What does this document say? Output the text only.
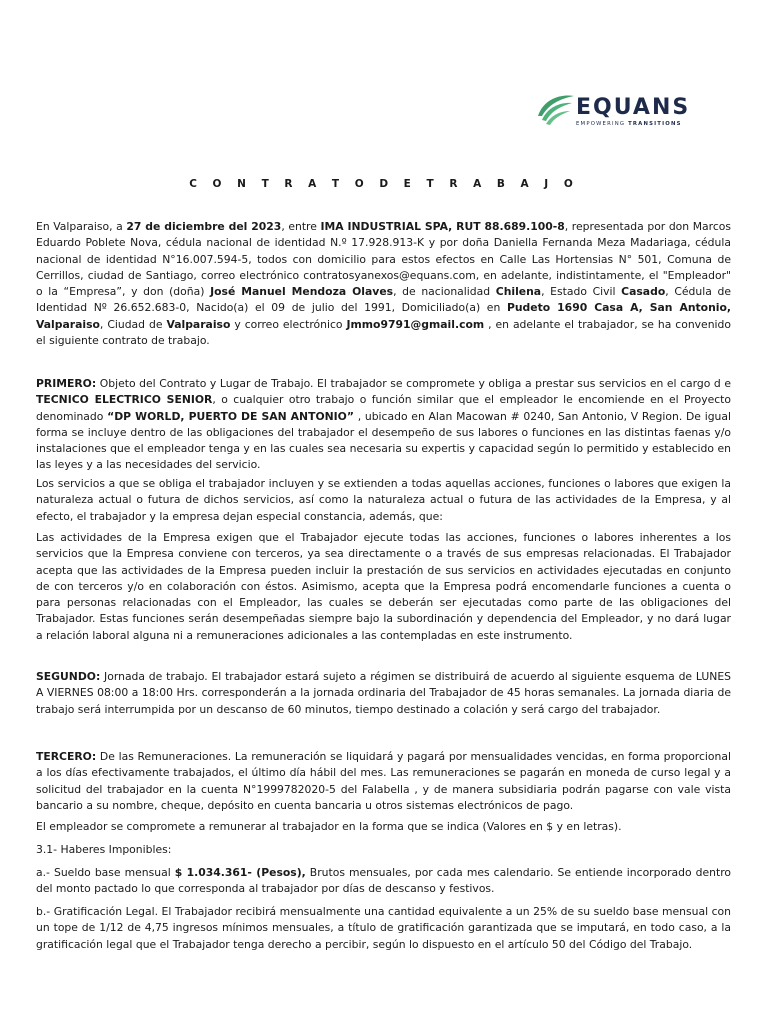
EQUANS
EMPOWERING TRANSITIONS
C O N T R A T O D E T R A B A J O

En Valparaiso, a 27 de diciembre del 2023, entre IMA INDUSTRIAL SPA, RUT 88.689.100-8, representada por don Marcos Eduardo Poblete Nova, cédula nacional de identidad N.º 17.928.913-K y por doña Daniella Fernanda Meza Madariaga, cédula nacional de identidad N°16.007.594-5, todos con domicilio para estos efectos en Calle Las Hortensias N° 501, Comuna de Cerrillos, ciudad de Santiago, correo electrónico contratosyanexos@equans.com, en adelante, indistintamente, el "Empleador" o la “Empresa”, y don (doña) José Manuel Mendoza Olaves, de nacionalidad Chilena, Estado Civil Casado, Cédula de Identidad Nº 26.652.683-0, Nacido(a) el 09 de julio del 1991, Domiciliado(a) en Pudeto 1690 Casa A, San Antonio, Valparaiso, Ciudad de Valparaiso y correo electrónico Jmmo9791@gmail.com , en adelante el trabajador, se ha convenido el siguiente contrato de trabajo.

PRIMERO: Objeto del Contrato y Lugar de Trabajo. El trabajador se compromete y obliga a prestar sus servicios en el cargo d e TECNICO ELECTRICO SENIOR, o cualquier otro trabajo o función similar que el empleador le encomiende en el Proyecto denominado “DP WORLD, PUERTO DE SAN ANTONIO” , ubicado en Alan Macowan # 0240, San Antonio, V Region. De igual forma se incluye dentro de las obligaciones del trabajador el desempeño de sus labores o funciones en las distintas faenas y/o instalaciones que el empleador tenga y en las cuales sea necesaria su expertis y capacidad según lo permitido y establecido en las leyes y a las necesidades del servicio.

Los servicios a que se obliga el trabajador incluyen y se extienden a todas aquellas acciones, funciones o labores que exigen la naturaleza actual o futura de dichos servicios, así como la naturaleza actual o futura de las actividades de la Empresa, y al efecto, el trabajador y la empresa dejan especial constancia, además, que:

Las actividades de la Empresa exigen que el Trabajador ejecute todas las acciones, funciones o labores inherentes a los servicios que la Empresa conviene con terceros, ya sea directamente o a través de sus empresas relacionadas. El Trabajador acepta que las actividades de la Empresa pueden incluir la prestación de sus servicios en actividades ejecutadas en conjunto de con terceros y/o en colaboración con éstos. Asimismo, acepta que la Empresa podrá encomendarle funciones a cuenta o para personas relacionadas con el Empleador, las cuales se deberán ser ejecutadas como parte de las obligaciones del Trabajador. Estas funciones serán desempeñadas siempre bajo la subordinación y dependencia del Empleador, y no dará lugar a relación laboral alguna ni a remuneraciones adicionales a las contempladas en este instrumento.

SEGUNDO: Jornada de trabajo. El trabajador estará sujeto a régimen se distribuirá de acuerdo al siguiente esquema de LUNES A VIERNES 08:00 a 18:00 Hrs. corresponderán a la jornada ordinaria del Trabajador de 45 horas semanales. La jornada diaria de trabajo será interrumpida por un descanso de 60 minutos, tiempo destinado a colación y será cargo del trabajador.

TERCERO: De las Remuneraciones. La remuneración se liquidará y pagará por mensualidades vencidas, en forma proporcional a los días efectivamente trabajados, el último día hábil del mes. Las remuneraciones se pagarán en moneda de curso legal y a solicitud del trabajador en la cuenta N°1999782020-5 del Falabella , y de manera subsidiaria podrán pagarse con vale vista bancario a su nombre, cheque, depósito en cuenta bancaria u otros sistemas electrónicos de pago.

El empleador se compromete a remunerar al trabajador en la forma que se indica (Valores en $ y en letras).

3.1- Haberes Imponibles:

a.- Sueldo base mensual $ 1.034.361- (Pesos), Brutos mensuales, por cada mes calendario. Se entiende incorporado dentro del monto pactado lo que corresponda al trabajador por días de descanso y festivos.

b.- Gratificación Legal. El Trabajador recibirá mensualmente una cantidad equivalente a un 25% de su sueldo base mensual con un tope de 1/12 de 4,75 ingresos mínimos mensuales, a título de gratificación garantizada que se imputará, en todo caso, a la gratificación legal que el Trabajador tenga derecho a percibir, según lo dispuesto en el artículo 50 del Código del Trabajo.
